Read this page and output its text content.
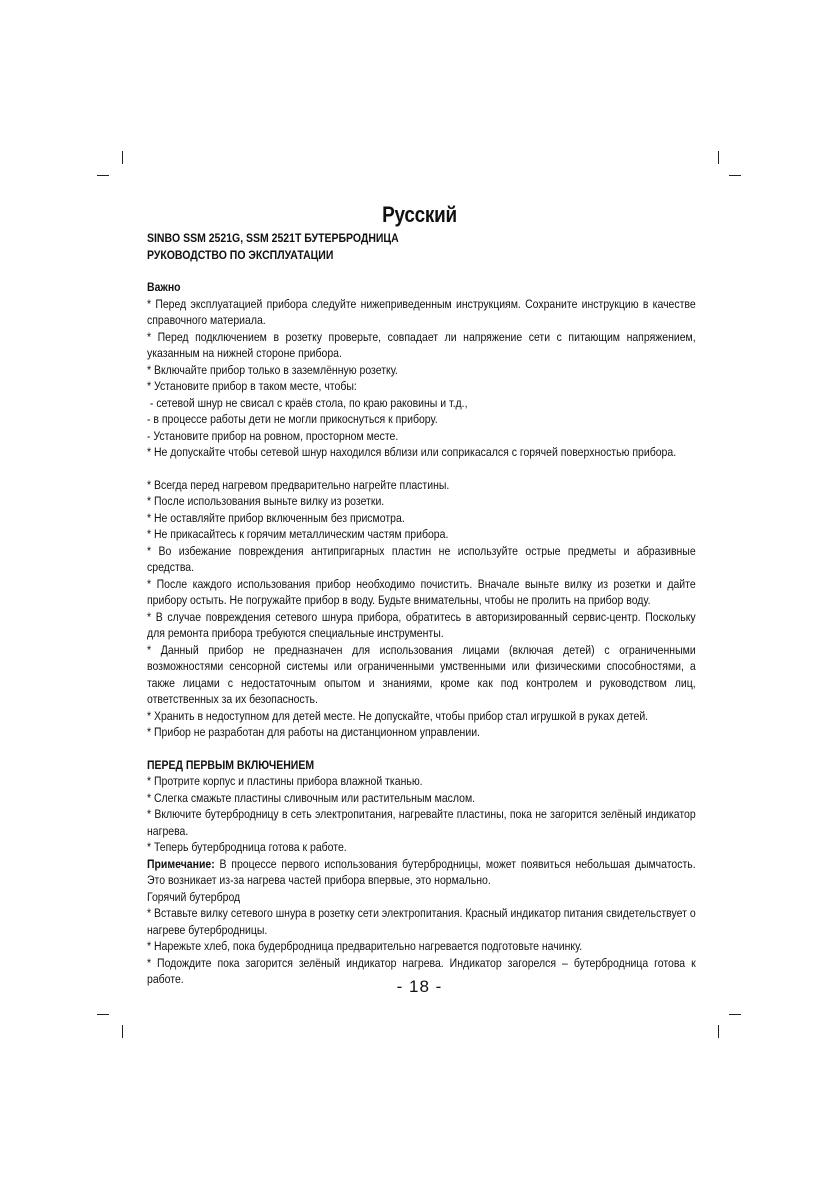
Русский

SINBO SSM 2521G, SSM 2521T БУТЕРБРОДНИЦА

РУКОВОДСТВО ПО ЭКСПЛУАТАЦИИ

Важно

* Перед эксплуатацией прибора следуйте нижеприведенным инструкциям. Сохраните инструкцию в качестве справочного материала.

* Перед подключением в розетку проверьте, совпадает ли напряжение сети с питающим напряжением, указанным на нижней стороне прибора.

* Включайте прибор только в заземлённую розетку.

* Установите прибор в таком месте, чтобы:

- сетевой шнур не свисал с краёв стола, по краю раковины и т.д.,

- в процессе работы дети не могли прикоснуться к прибору.

- Установите прибор на ровном, просторном месте.

* Не допускайте чтобы сетевой шнур находился вблизи или соприкасался с горячей поверхностью прибора.

* Всегда перед нагревом предварительно нагрейте пластины.

* После использования выньте вилку из розетки.

* Не оставляйте прибор включенным без присмотра.

* Не прикасайтесь к горячим металлическим частям прибора.

* Во избежание повреждения антипригарных пластин не используйте острые предметы и абразивные средства.

* После каждого использования прибор необходимо почистить. Вначале выньте вилку из розетки и дайте прибору остыть. Не погружайте прибор в воду. Будьте внимательны, чтобы не пролить на прибор воду.

* В случае повреждения сетевого шнура прибора, обратитесь в авторизированный сервис-центр. Поскольку для ремонта прибора требуются специальные инструменты.

* Данный прибор не предназначен для использования лицами (включая детей) с ограниченными возможностями сенсорной системы или ограниченными умственными или физическими способностями, а также лицами с недостаточным опытом и знаниями, кроме как под контролем и руководством лиц, ответственных за их безопасность.

* Хранить в недоступном для детей месте. Не допускайте, чтобы прибор стал игрушкой в руках детей.

* Прибор не разработан для работы на дистанционном управлении.

ПЕРЕД ПЕРВЫМ ВКЛЮЧЕНИЕМ

* Протрите корпус и пластины прибора влажной тканью.

* Слегка смажьте пластины сливочным или растительным маслом.

* Включите бутербродницу в сеть электропитания, нагревайте пластины, пока не загорится зелёный индикатор нагрева.

* Теперь бутербродница готова к работе.

Примечание: В процессе первого использования бутербродницы, может появиться небольшая дымчатость. Это возникает из-за нагрева частей прибора впервые, это нормально.

Горячий бутерброд

* Вставьте вилку сетевого шнура в розетку сети электропитания. Красный индикатор питания свидетельствует о нагреве бутербродницы.

* Нарежьте хлеб, пока будербродница предварительно нагревается подготовьте начинку.

* Подождите пока загорится зелёный индикатор нагрева. Индикатор загорелся – бутербродница готова к работе.	- 18 -
